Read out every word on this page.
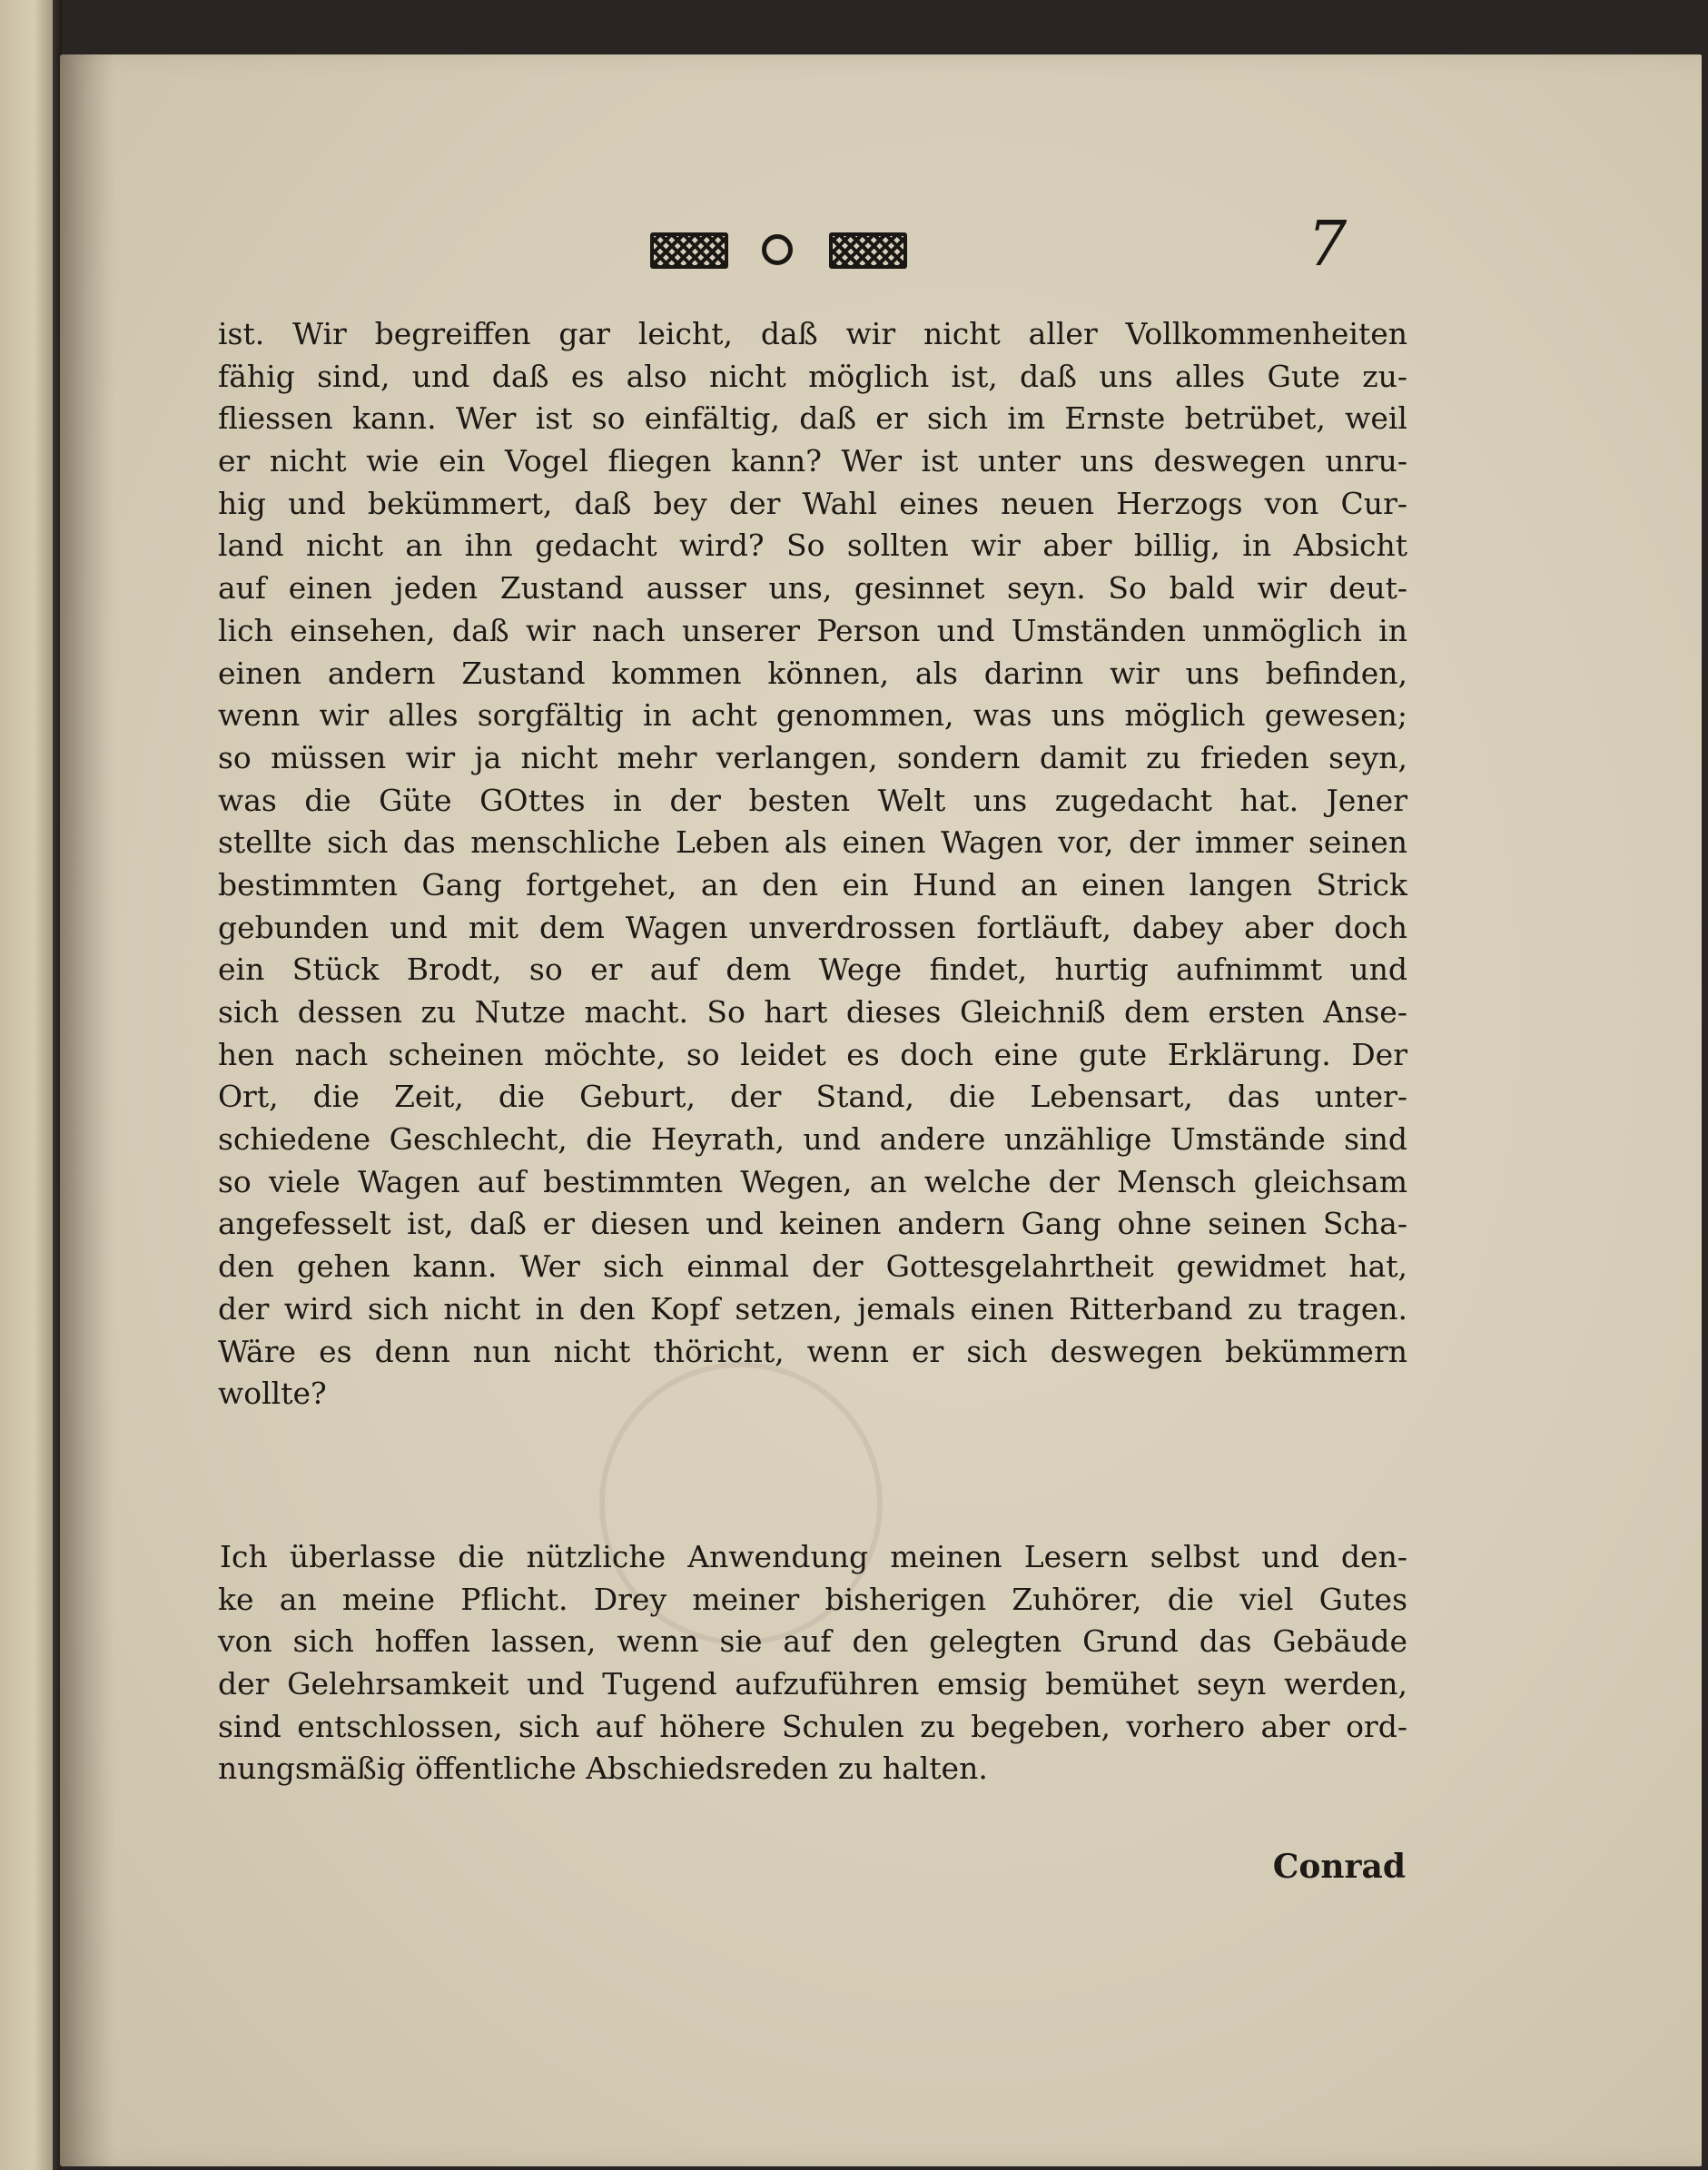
7
ist. Wir begreiffen gar leicht, daß wir nicht aller Vollkommenheiten
fähig sind, und daß es also nicht möglich ist, daß uns alles Gute zu-
fliessen kann. Wer ist so einfältig, daß er sich im Ernste betrübet, weil
er nicht wie ein Vogel fliegen kann? Wer ist unter uns deswegen unru-
hig und bekümmert, daß bey der Wahl eines neuen Herzogs von Cur-
land nicht an ihn gedacht wird? So sollten wir aber billig, in Absicht
auf einen jeden Zustand ausser uns, gesinnet seyn. So bald wir deut-
lich einsehen, daß wir nach unserer Person und Umständen unmöglich in
einen andern Zustand kommen können, als darinn wir uns befinden,
wenn wir alles sorgfältig in acht genommen, was uns möglich gewesen;
so müssen wir ja nicht mehr verlangen, sondern damit zu frieden seyn,
was die Güte GOttes in der besten Welt uns zugedacht hat. Jener
stellte sich das menschliche Leben als einen Wagen vor, der immer seinen
bestimmten Gang fortgehet, an den ein Hund an einen langen Strick
gebunden und mit dem Wagen unverdrossen fortläuft, dabey aber doch
ein Stück Brodt, so er auf dem Wege findet, hurtig aufnimmt und
sich dessen zu Nutze macht. So hart dieses Gleichniß dem ersten Anse-
hen nach scheinen möchte, so leidet es doch eine gute Erklärung. Der
Ort, die Zeit, die Geburt, der Stand, die Lebensart, das unter-
schiedene Geschlecht, die Heyrath, und andere unzählige Umstände sind
so viele Wagen auf bestimmten Wegen, an welche der Mensch gleichsam
angefesselt ist, daß er diesen und keinen andern Gang ohne seinen Scha-
den gehen kann. Wer sich einmal der Gottesgelahrtheit gewidmet hat,
der wird sich nicht in den Kopf setzen, jemals einen Ritterband zu tragen.
Wäre es denn nun nicht thöricht, wenn er sich deswegen bekümmern
wollte?
Ich überlasse die nützliche Anwendung meinen Lesern selbst und den-
ke an meine Pflicht. Drey meiner bisherigen Zuhörer, die viel Gutes
von sich hoffen lassen, wenn sie auf den gelegten Grund das Gebäude
der Gelehrsamkeit und Tugend aufzuführen emsig bemühet seyn werden,
sind entschlossen, sich auf höhere Schulen zu begeben, vorhero aber ord-
nungsmäßig öffentliche Abschiedsreden zu halten.
Conrad
